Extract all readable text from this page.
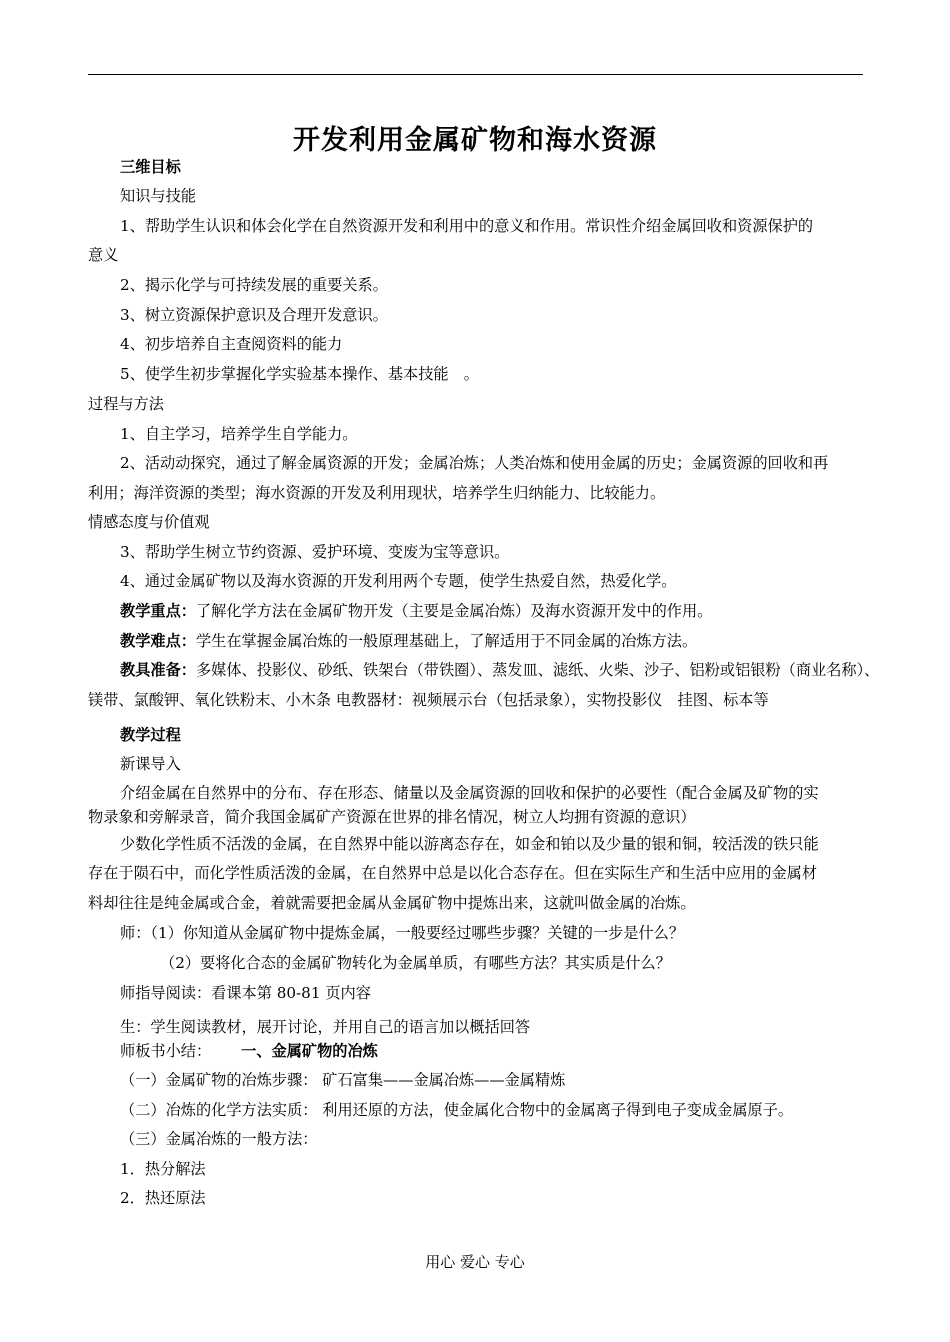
开发利用金属矿物和海水资源
三维目标
知识与技能
1、帮助学生认识和体会化学在自然资源开发和利用中的意义和作用。常识性介绍金属回收和资源保护的
意义
2、揭示化学与可持续发展的重要关系。
3、树立资源保护意识及合理开发意识。
4、初步培养自主查阅资料的能力
5、使学生初步掌握化学实验基本操作、基本技能　。
过程与方法
1、自主学习，培养学生自学能力。
2、活动动探究，通过了解金属资源的开发；金属冶炼；人类冶炼和使用金属的历史；金属资源的回收和再
利用；海洋资源的类型；海水资源的开发及利用现状，培养学生归纳能力、比较能力。
情感态度与价值观
3、帮助学生树立节约资源、爱护环境、变废为宝等意识。
4、通过金属矿物以及海水资源的开发利用两个专题，使学生热爱自然，热爱化学。
教学重点：了解化学方法在金属矿物开发（主要是金属冶炼）及海水资源开发中的作用。
教学难点：学生在掌握金属冶炼的一般原理基础上，了解适用于不同金属的冶炼方法。
教具准备：多媒体、投影仪、砂纸、铁架台（带铁圈）、蒸发皿、滤纸、火柴、沙子、铝粉或铝银粉（商业名称）、
镁带、氯酸钾、氧化铁粉末、小木条 电教器材：视频展示台（包括录象），实物投影仪　挂图、标本等
教学过程
新课导入
介绍金属在自然界中的分布、存在形态、储量以及金属资源的回收和保护的必要性（配合金属及矿物的实
物录象和旁解录音，简介我国金属矿产资源在世界的排名情况，树立人均拥有资源的意识）
少数化学性质不活泼的金属，在自然界中能以游离态存在，如金和铂以及少量的银和铜，较活泼的铁只能
存在于陨石中，而化学性质活泼的金属，在自然界中总是以化合态存在。但在实际生产和生活中应用的金属材
料却往往是纯金属或合金，着就需要把金属从金属矿物中提炼出来，这就叫做金属的冶炼。
师：（1）你知道从金属矿物中提炼金属，一般要经过哪些步骤？关键的一步是什么？
（2）要将化合态的金属矿物转化为金属单质，有哪些方法？其实质是什么？
师指导阅读：看课本第 80-81 页内容
生：学生阅读教材，展开讨论，并用自己的语言加以概括回答
师板书小结： 一、金属矿物的冶炼
（一）金属矿物的冶炼步骤： 矿石富集——金属冶炼——金属精炼
（二）冶炼的化学方法实质： 利用还原的方法，使金属化合物中的金属离子得到电子变成金属原子。
（三）金属冶炼的一般方法：
1．热分解法
2．热还原法
用心 爱心 专心
